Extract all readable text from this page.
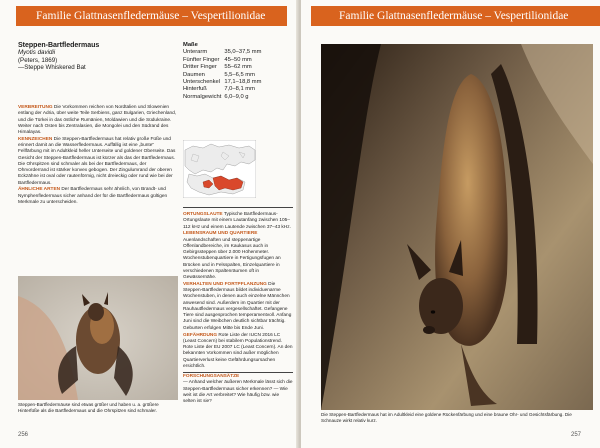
Familie Glattnasenfledermäuse – Vespertilionidae
Steppen-Bartfledermaus
Myotis davidii
(Peters, 1869)
—Steppe Whiskered Bat
Maße
Unterarm	35,0–37,5 mm
Fünfter Finger	45–50 mm
Dritter Finger	55–62 mm
Daumen	5,5–6,5 mm
Unterschenkel	17,1–18,8 mm
Hinterfuß	7,0–8,1 mm
Normalgewicht	6,0–9,0 g

VERBREITUNG Die Vorkommen reichen von Nordtalien und Slowenien entlang der Adria, über weite Teile Serbiens, ganz Bulgarien, Griechenland, und die Türkei in das östliche Rumänien, Moldawien und die Südukraine. Weiter nach Osten bis Zentralasien, die Mongolei und den Südrand des Himalayas.

KENNZEICHEN Die Steppen-Bartfledermaus hat relativ große Füße und erinnert damit an die Wasserfledermaus. Auffällig ist eine „bunte“ Fellfärbung mit im Adultkleid heller Unterseite und goldener Oberseite. Das Gesicht der Steppen-Bartfledermaus ist kürzer als das der Bartfledermaus. Die Ohrspitzen sind schmaler als bei der Bartfledermaus, der Ohrvorderrand ist stärker konvex gebogen. Der Zingulumrand der oberen Eckzähne ist oval oder rautenförmig, nicht dreieckig oder rund wie bei der Bartfledermaus.

ÄHNLICHE ARTEN Der Bartfledermaus sehr ähnlich, von Brandt- und Nymphenfledermaus sicher anhand der für die Bartfledermaus gültigen Merkmale zu unterscheiden.

Steppen-Bartfledermäuse sind etwas größer und haben u. a. größere Hinterfüße als die Bartfledermaus und die Ohrspitzen sind schmaler.

ORTUNGSLAUTE Typische Bartfledermaus-Ortungslaute mit einem Lautanfang zwischen 105–112 kHz und einem Lautende zwischen 37–43 kHz.

LEBENSRAUM UND QUARTIERE Auenlandschaften und steppenartige Offenlandbereiche, im Kaukasus auch in Gebirgssteppen über 2.000 Höhenmeter. Wochenstubenquartiere in Fertigungsfugen an Brücken und in Felsspalten, Einzelquartiere in verschiedenen Spaltenräumen oft in Gewässernähe.

VERHALTEN UND FORTPFLANZUNG Die Steppen-Bartfledermaus bildet individuenarme Wochenstuben, in denen auch einzelne Männchen anwesend sind. Außerdem im Quartier mit der Rauhautfledermaus vergesellschaftet. Gefangene Tiere sind ausgesprochen temperamentvoll. Anfang Juni sind die Weibchen deutlich sichtbar trächtig. Geburten erfolgen Mitte bis Ende Juni.

GEFÄHRDUNG Rote Liste der IUCN 2016 LC (Least Concern) bei stabilem Populationstrend. Rote Liste der EU 2007 LC (Least Concern). An den bekannten Vorkommen sind außer möglichen Quartierverlust keine Gefährdungsursachen ersichtlich.

FORSCHUNGSANSÄTZE
— Anhand welcher äußeren Merkmale lässt sich die Steppen-Bartfledermaus sicher erkennen? — Wie weit ist die Art verbreitet? Wie häufig bzw. wie selten ist sie?

256
Familie Glattnasenfledermäuse – Vespertilionidae
Die Steppen-Bartfledermaus hat im Adultkleid eine goldene Rückenfärbung und eine braune Ohr- und Gesichtsfärbung. Die Schnauze wirkt relativ kurz.
257
